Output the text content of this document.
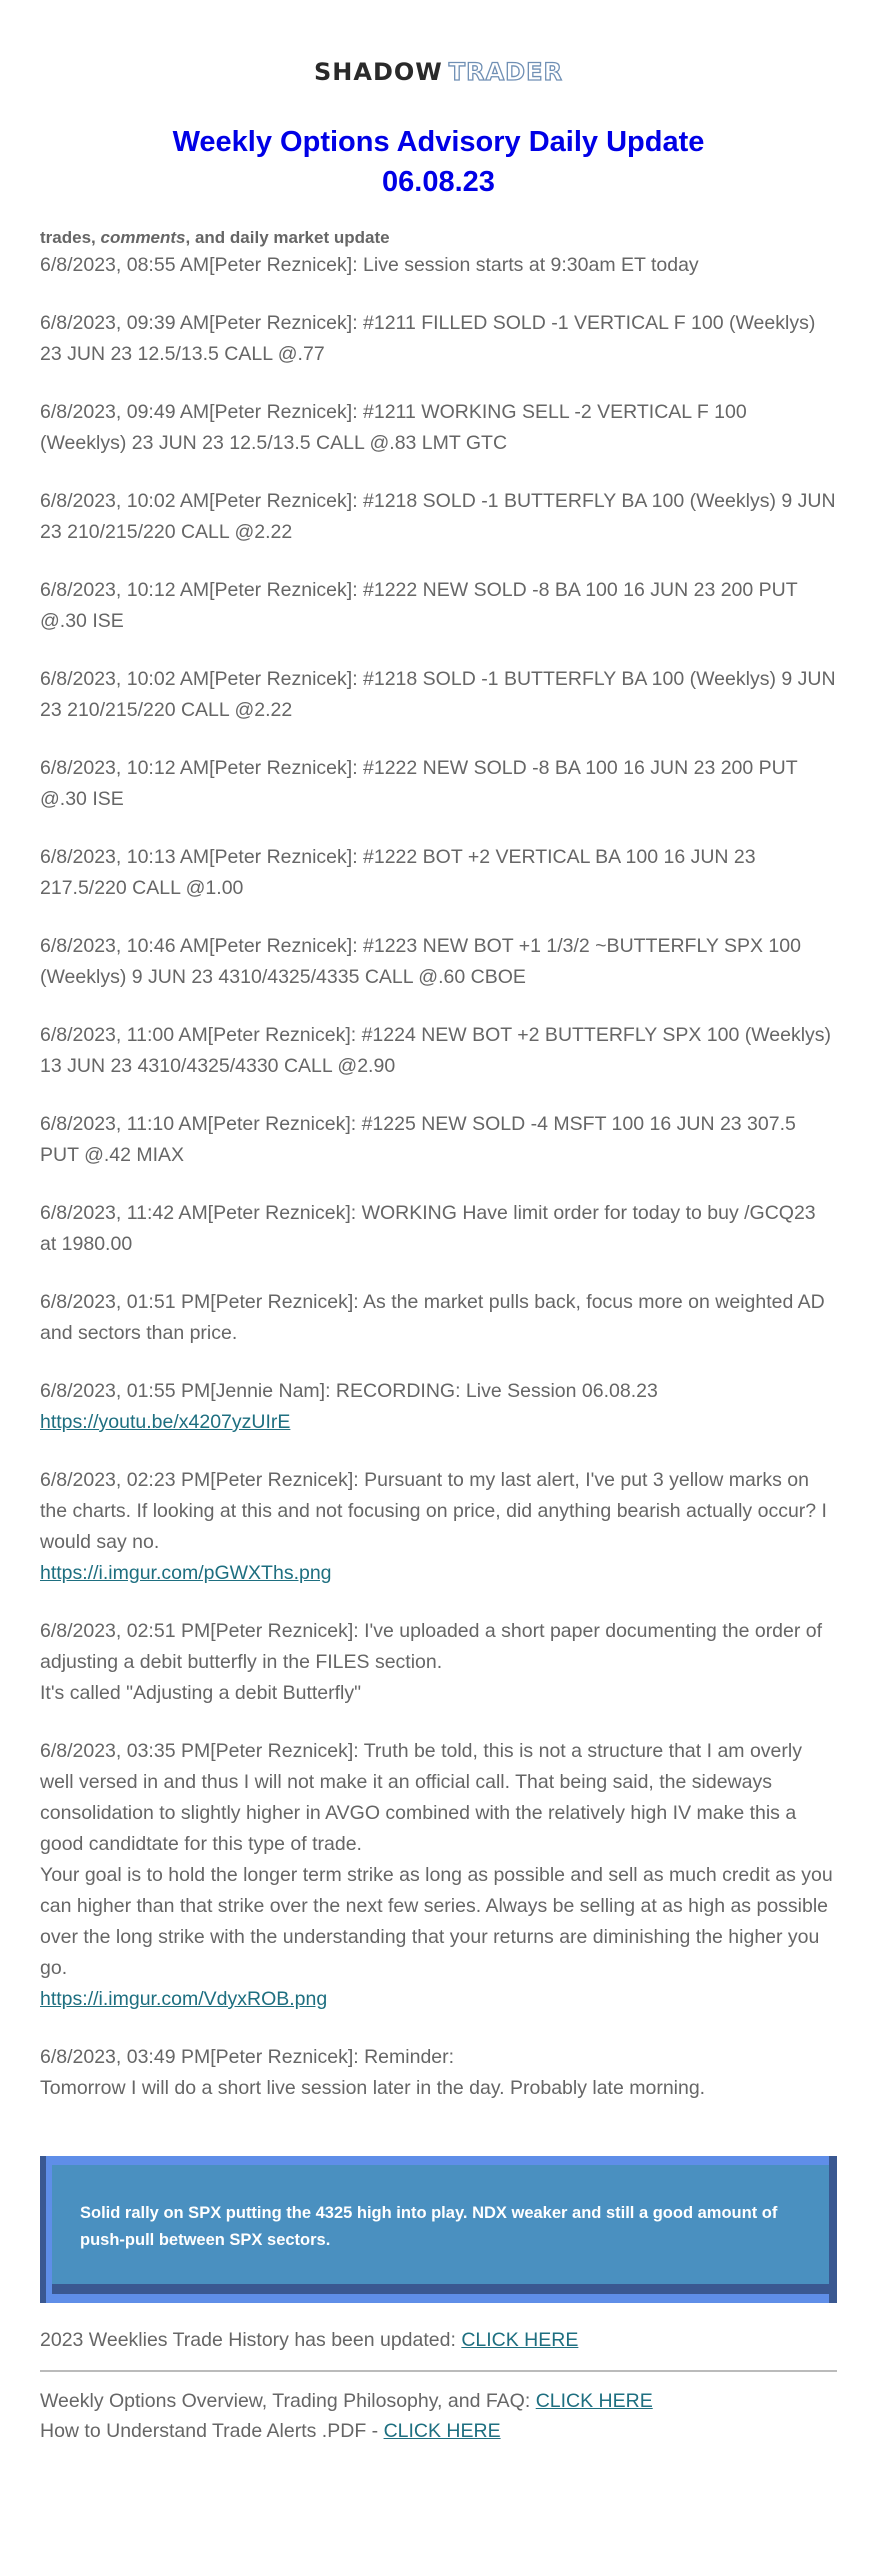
SHADOW TRADER
Weekly Options Advisory Daily Update
06.08.23
trades, comments, and daily market update
6/8/2023, 08:55 AM[Peter Reznicek]: Live session starts at 9:30am ET today
6/8/2023, 09:39 AM[Peter Reznicek]: #1211 FILLED SOLD -1 VERTICAL F 100 (Weeklys) 23 JUN 23 12.5/13.5 CALL @.77
6/8/2023, 09:49 AM[Peter Reznicek]: #1211 WORKING SELL -2 VERTICAL F 100 (Weeklys) 23 JUN 23 12.5/13.5 CALL @.83 LMT GTC
6/8/2023, 10:02 AM[Peter Reznicek]: #1218 SOLD -1 BUTTERFLY BA 100 (Weeklys) 9 JUN 23 210/215/220 CALL @2.22
6/8/2023, 10:12 AM[Peter Reznicek]: #1222 NEW SOLD -8 BA 100 16 JUN 23 200 PUT @.30 ISE
6/8/2023, 10:02 AM[Peter Reznicek]: #1218 SOLD -1 BUTTERFLY BA 100 (Weeklys) 9 JUN 23 210/215/220 CALL @2.22
6/8/2023, 10:12 AM[Peter Reznicek]: #1222 NEW SOLD -8 BA 100 16 JUN 23 200 PUT @.30 ISE
6/8/2023, 10:13 AM[Peter Reznicek]: #1222 BOT +2 VERTICAL BA 100 16 JUN 23 217.5/220 CALL @1.00
6/8/2023, 10:46 AM[Peter Reznicek]: #1223 NEW BOT +1 1/3/2 ~BUTTERFLY SPX 100 (Weeklys) 9 JUN 23 4310/4325/4335 CALL @.60 CBOE
6/8/2023, 11:00 AM[Peter Reznicek]: #1224 NEW BOT +2 BUTTERFLY SPX 100 (Weeklys) 13 JUN 23 4310/4325/4330 CALL @2.90
6/8/2023, 11:10 AM[Peter Reznicek]: #1225 NEW SOLD -4 MSFT 100 16 JUN 23 307.5 PUT @.42 MIAX
6/8/2023, 11:42 AM[Peter Reznicek]: WORKING Have limit order for today to buy /GCQ23 at 1980.00
6/8/2023, 01:51 PM[Peter Reznicek]: As the market pulls back, focus more on weighted AD and sectors than price.
6/8/2023, 01:55 PM[Jennie Nam]: RECORDING: Live Session 06.08.23
https://youtu.be/x4207yzUIrE
6/8/2023, 02:23 PM[Peter Reznicek]: Pursuant to my last alert, I've put 3 yellow marks on the charts. If looking at this and not focusing on price, did anything bearish actually occur? I would say no.
https://i.imgur.com/pGWXThs.png
6/8/2023, 02:51 PM[Peter Reznicek]: I've uploaded a short paper documenting the order of adjusting a debit butterfly in the FILES section.
It's called "Adjusting a debit Butterfly"
6/8/2023, 03:35 PM[Peter Reznicek]: Truth be told, this is not a structure that I am overly well versed in and thus I will not make it an official call. That being said, the sideways consolidation to slightly higher in AVGO combined with the relatively high IV make this a good candidtate for this type of trade.
Your goal is to hold the longer term strike as long as possible and sell as much credit as you can higher than that strike over the next few series. Always be selling at as high as possible over the long strike with the understanding that your returns are diminishing the higher you go.
https://i.imgur.com/VdyxROB.png
6/8/2023, 03:49 PM[Peter Reznicek]: Reminder:
Tomorrow I will do a short live session later in the day. Probably late morning.
Solid rally on SPX putting the 4325 high into play. NDX weaker and still a good amount of push-pull between SPX sectors.
2023 Weeklies Trade History has been updated: CLICK HERE
Weekly Options Overview, Trading Philosophy, and FAQ: CLICK HERE
How to Understand Trade Alerts .PDF - CLICK HERE
